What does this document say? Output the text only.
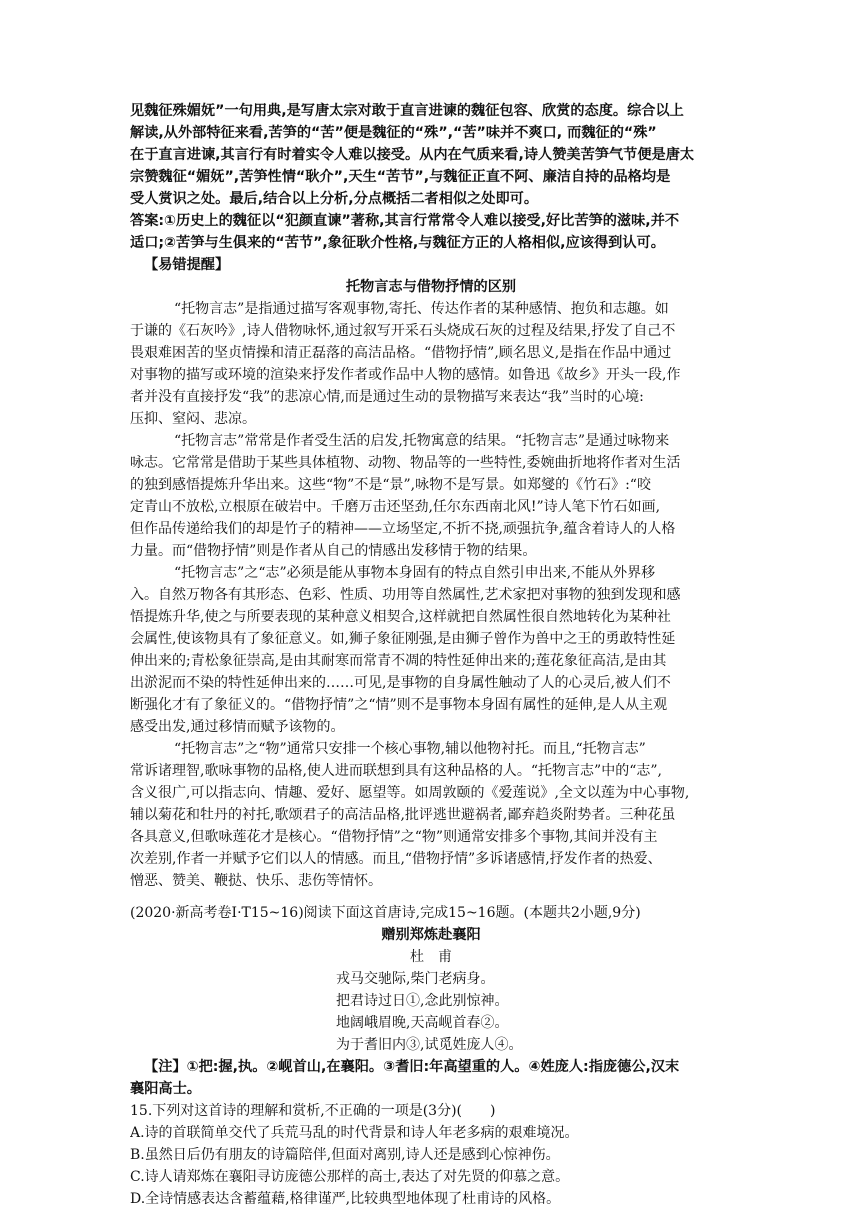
见魏征殊媚妩”一句用典,是写唐太宗对敢于直言进谏的魏征包容、欣赏的态度。综合以上
解读,从外部特征来看,苦笋的“苦”便是魏征的“殊”,“苦”味并不爽口, 而魏征的“殊”
在于直言进谏,其言行有时着实令人难以接受。从内在气质来看,诗人赞美苦笋气节便是唐太
宗赞魏征“媚妩”,苦笋性情“耿介”,天生“苦节”,与魏征正直不阿、廉洁自持的品格均是
受人赏识之处。最后,结合以上分析,分点概括二者相似之处即可。
答案:①历史上的魏征以“犯颜直谏”著称,其言行常常令人难以接受,好比苦笋的滋味,并不
适口;②苦笋与生俱来的“苦节”,象征耿介性格,与魏征方正的人格相似,应该得到认可。
【易错提醒】
托物言志与借物抒情的区别
“托物言志”是指通过描写客观事物,寄托、传达作者的某种感情、抱负和志趣。如
于谦的《石灰吟》,诗人借物咏怀,通过叙写开采石头烧成石灰的过程及结果,抒发了自己不
畏艰难困苦的坚贞情操和清正磊落的高洁品格。“借物抒情”,顾名思义,是指在作品中通过
对事物的描写或环境的渲染来抒发作者或作品中人物的感情。如鲁迅《故乡》开头一段,作
者并没有直接抒发“我”的悲凉心情,而是通过生动的景物描写来表达“我”当时的心境:
压抑、窒闷、悲凉。
“托物言志”常常是作者受生活的启发,托物寓意的结果。“托物言志”是通过咏物来
咏志。它常常是借助于某些具体植物、动物、物品等的一些特性,委婉曲折地将作者对生活
的独到感悟提炼升华出来。这些“物”不是“景”,咏物不是写景。如郑燮的《竹石》:“咬
定青山不放松,立根原在破岩中。千磨万击还坚劲,任尔东西南北风!”诗人笔下竹石如画,
但作品传递给我们的却是竹子的精神——立场坚定,不折不挠,顽强抗争,蕴含着诗人的人格
力量。而“借物抒情”则是作者从自己的情感出发移情于物的结果。
“托物言志”之“志”必须是能从事物本身固有的特点自然引申出来,不能从外界移
入。自然万物各有其形态、色彩、性质、功用等自然属性,艺术家把对事物的独到发现和感
悟提炼升华,使之与所要表现的某种意义相契合,这样就把自然属性很自然地转化为某种社
会属性,使该物具有了象征意义。如,狮子象征刚强,是由狮子曾作为兽中之王的勇敢特性延
伸出来的;青松象征崇高,是由其耐寒而常青不凋的特性延伸出来的;莲花象征高洁,是由其
出淤泥而不染的特性延伸出来的……可见,是事物的自身属性触动了人的心灵后,被人们不
断强化才有了象征义的。“借物抒情”之“情”则不是事物本身固有属性的延伸,是人从主观
感受出发,通过移情而赋予该物的。
“托物言志”之“物”通常只安排一个核心事物,辅以他物衬托。而且,“托物言志”
常诉诸理智,歌咏事物的品格,使人进而联想到具有这种品格的人。“托物言志”中的“志”,
含义很广,可以指志向、情趣、爱好、愿望等。如周敦颐的《爱莲说》,全文以莲为中心事物,
辅以菊花和牡丹的衬托,歌颂君子的高洁品格,批评逃世避祸者,鄙弃趋炎附势者。三种花虽
各具意义,但歌咏莲花才是核心。“借物抒情”之“物”则通常安排多个事物,其间并没有主
次差别,作者一并赋予它们以人的情感。而且,“借物抒情”多诉诸感情,抒发作者的热爱、
憎恶、赞美、鞭挞、快乐、悲伤等情怀。
(2020·新高考卷Ⅰ·T15~16)阅读下面这首唐诗,完成15~16题。(本题共2小题,9分)
赠别郑炼赴襄阳
杜　甫
戎马交驰际,柴门老病身。
把君诗过日①,念此别惊神。
地阔峨眉晚,天高岘首春②。
为于耆旧内③,试觅姓庞人④。
【注】①把:握,执。②岘首山,在襄阳。③耆旧:年高望重的人。④姓庞人:指庞德公,汉末
襄阳高士。
15.下列对这首诗的理解和赏析,不正确的一项是(3分)(　　)
A.诗的首联简单交代了兵荒马乱的时代背景和诗人年老多病的艰难境况。
B.虽然日后仍有朋友的诗篇陪伴,但面对离别,诗人还是感到心惊神伤。
C.诗人请郑炼在襄阳寻访庞德公那样的高士,表达了对先贤的仰慕之意。
D.全诗情感表达含蓄蕴藉,格律谨严,比较典型地体现了杜甫诗的风格。
